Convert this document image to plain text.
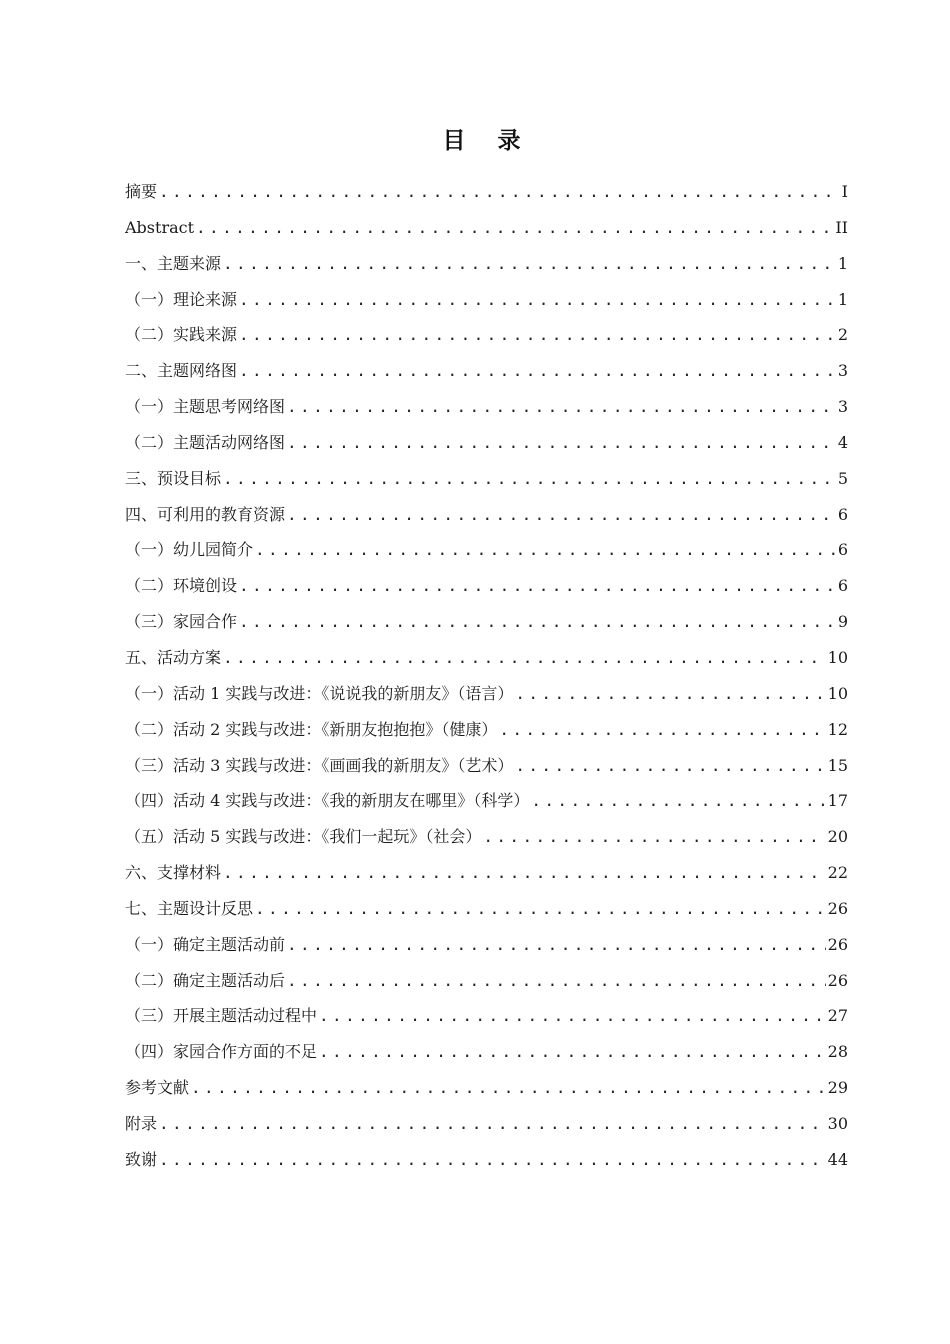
目 录
摘要 .....	I
Abstract .....	II
一、主题来源 .....	1
（一）理论来源 .....	1
（二）实践来源 .....	2
二、主题网络图 .....	3
（一）主题思考网络图 .....	3
（二）主题活动网络图 .....	4
三、预设目标 .....	5
四、可利用的教育资源 .....	6
（一）幼儿园简介 .....	6
（二）环境创设 .....	6
（三）家园合作 .....	9
五、活动方案 .....	10
（一）活动 1 实践与改进：《说说我的新朋友》（语言） .....	10
（二）活动 2 实践与改进：《新朋友抱抱抱》（健康） .....	12
（三）活动 3 实践与改进：《画画我的新朋友》（艺术） .....	15
（四）活动 4 实践与改进：《我的新朋友在哪里》（科学） .....	17
（五）活动 5 实践与改进：《我们一起玩》（社会） .....	20
六、支撑材料 .....	22
七、主题设计反思 .....	26
（一）确定主题活动前 .....	26
（二）确定主题活动后 .....	26
（三）开展主题活动过程中 .....	27
（四）家园合作方面的不足 .....	28
参考文献 .....	29
附录 .....	30
致谢 .....	44
